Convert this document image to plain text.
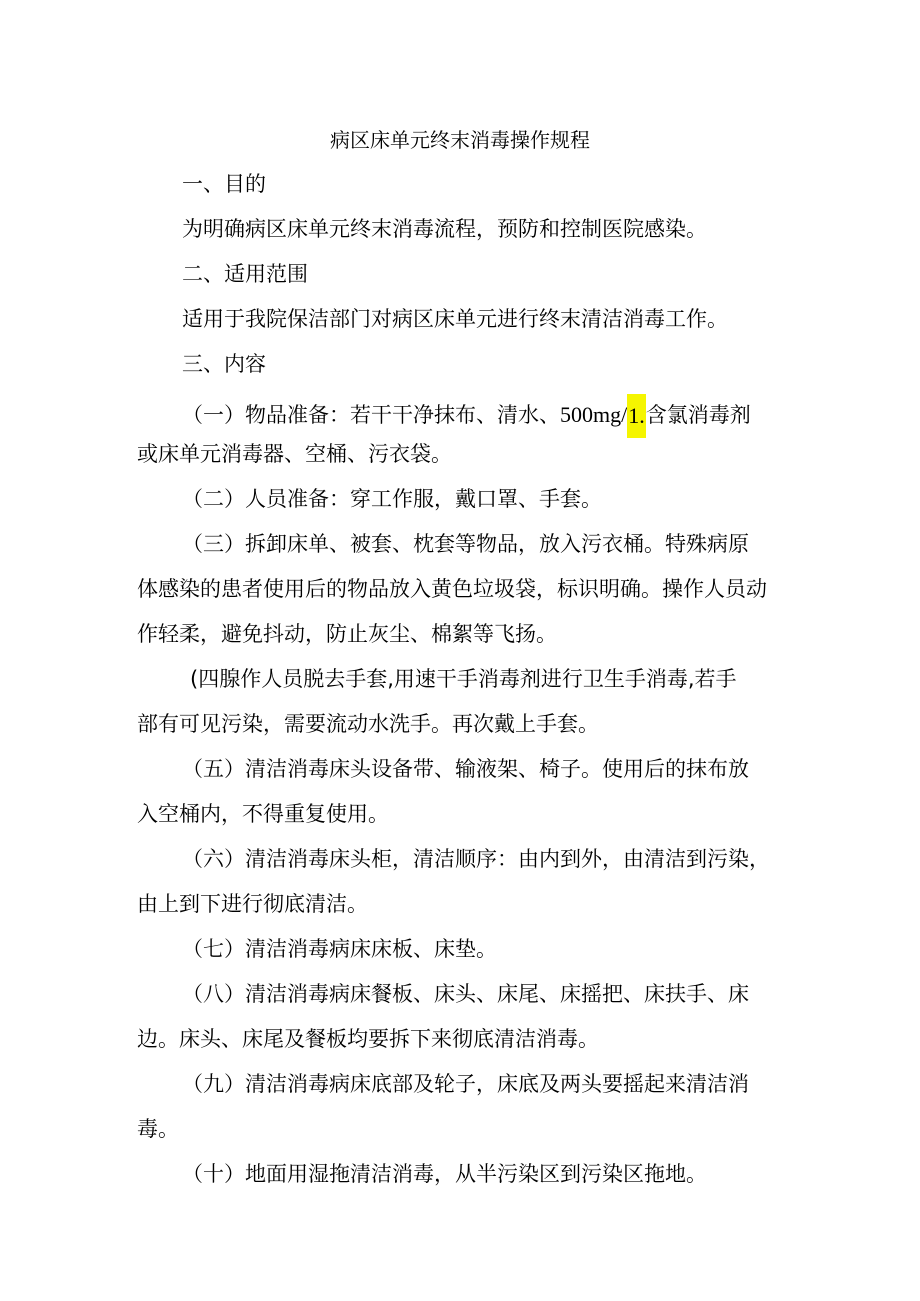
病区床单元终末消毒操作规程
一、目的
为明确病区床单元终末消毒流程，预防和控制医院感染。
二、适用范围
适用于我院保洁部门对病区床单元进行终末清洁消毒工作。
三、内容
（一）物品准备：若干干净抹布、清水、500mg/1.含氯消毒剂
或床单元消毒器、空桶、污衣袋。
（二）人员准备：穿工作服，戴口罩、手套。
（三）拆卸床单、被套、枕套等物品，放入污衣桶。特殊病原
体感染的患者使用后的物品放入黄色垃圾袋，标识明确。操作人员动
作轻柔，避免抖动，防止灰尘、棉絮等飞扬。
(四腺作人员脱去手套,用速干手消毒剂进行卫生手消毒,若手
部有可见污染，需要流动水洗手。再次戴上手套。
（五）清洁消毒床头设备带、输液架、椅子。使用后的抹布放
入空桶内，不得重复使用。
（六）清洁消毒床头柜，清洁顺序：由内到外，由清洁到污染，
由上到下进行彻底清洁。
（七）清洁消毒病床床板、床垫。
（八）清洁消毒病床餐板、床头、床尾、床摇把、床扶手、床
边。床头、床尾及餐板均要拆下来彻底清洁消毒。
（九）清洁消毒病床底部及轮子，床底及两头要摇起来清洁消
毒。
（十）地面用湿拖清洁消毒，从半污染区到污染区拖地。
